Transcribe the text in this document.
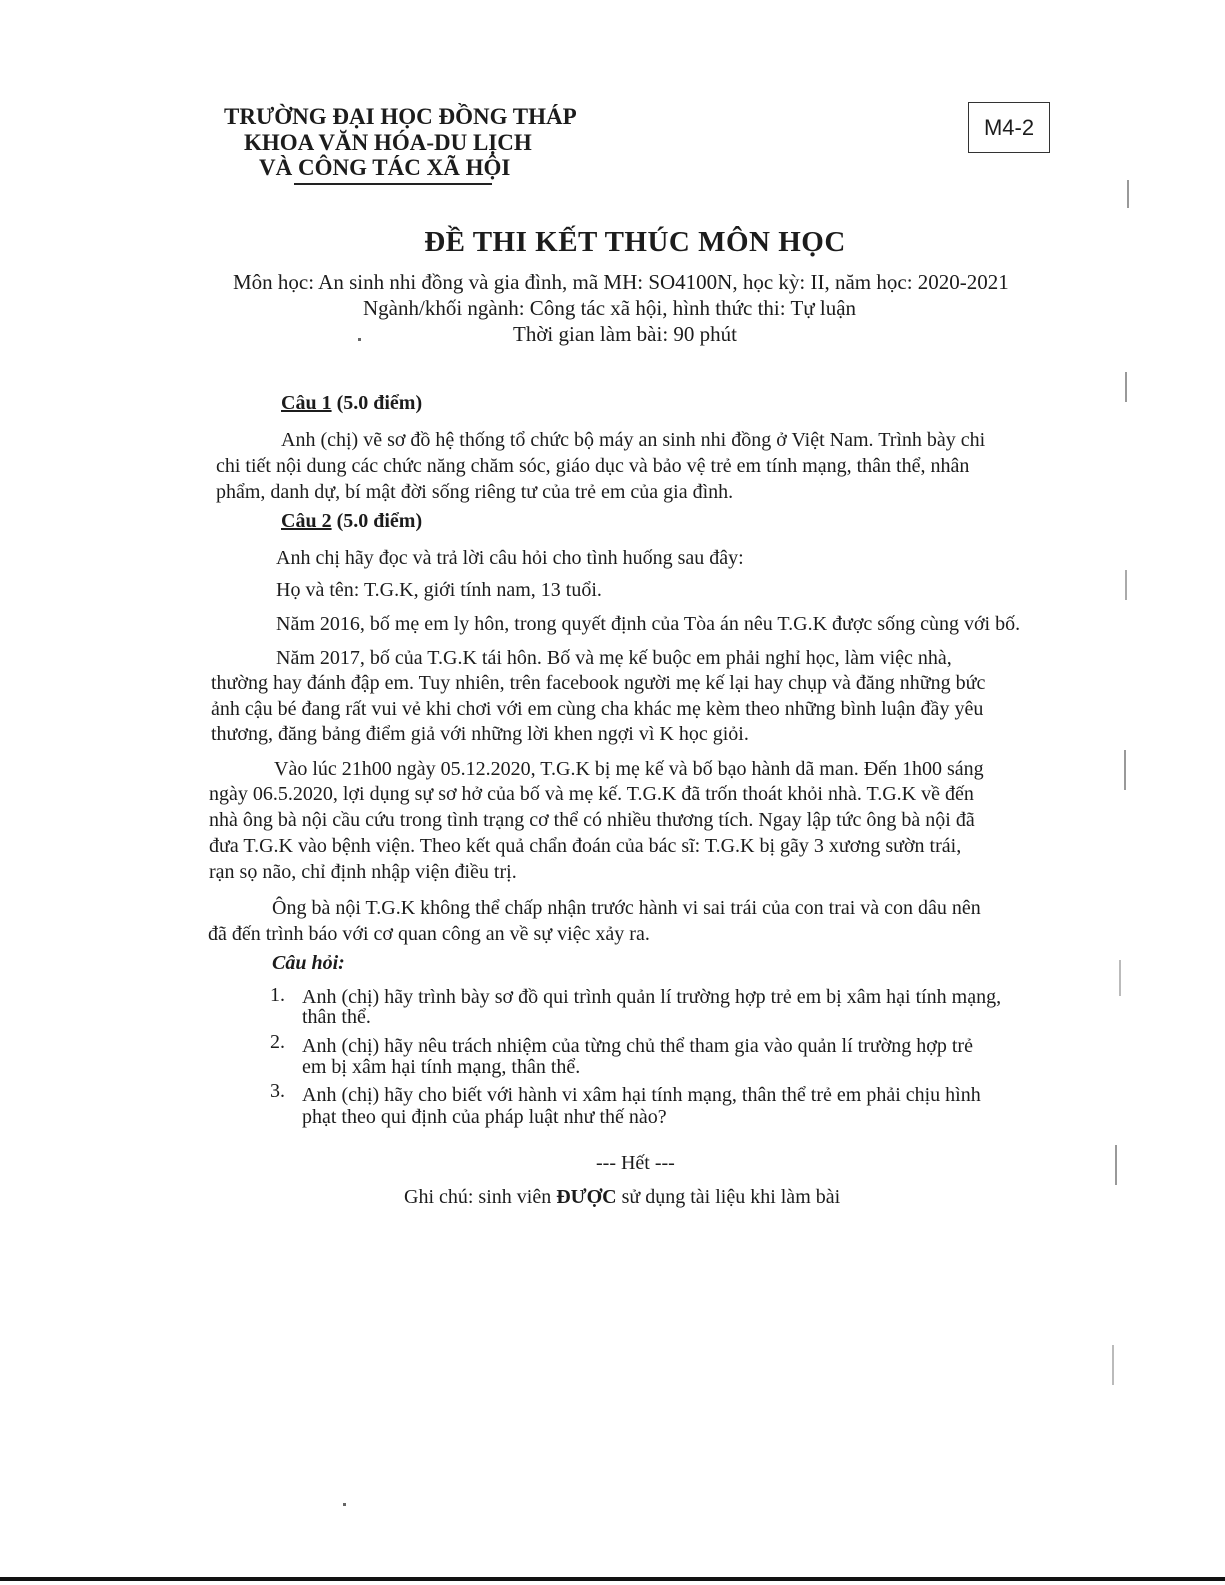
TRƯỜNG ĐẠI HỌC ĐỒNG THÁP
KHOA VĂN HÓA-DU LỊCH
VÀ CÔNG TÁC XÃ HỘI
M4-2
ĐỀ THI KẾT THÚC MÔN HỌC
Môn học: An sinh nhi đồng và gia đình, mã MH: SO4100N, học kỳ: II, năm học: 2020-2021
Ngành/khối ngành: Công tác xã hội, hình thức thi: Tự luận
Thời gian làm bài: 90 phút
Câu 1 (5.0 điểm)
Anh (chị) vẽ sơ đồ hệ thống tổ chức bộ máy an sinh nhi đồng ở Việt Nam. Trình bày chi
chi tiết nội dung các chức năng chăm sóc, giáo dục và bảo vệ trẻ em tính mạng, thân thể, nhân
phẩm, danh dự, bí mật đời sống riêng tư của trẻ em của gia đình.
Câu 2 (5.0 điểm)
Anh chị hãy đọc và trả lời câu hỏi cho tình huống sau đây:
Họ và tên: T.G.K, giới tính nam, 13 tuổi.
Năm 2016, bố mẹ em ly hôn, trong quyết định của Tòa án nêu T.G.K được sống cùng với bố.
Năm 2017, bố của T.G.K tái hôn. Bố và mẹ kế buộc em phải nghỉ học, làm việc nhà,
thường hay đánh đập em. Tuy nhiên, trên facebook người mẹ kế lại hay chụp và đăng những bức
ảnh cậu bé đang rất vui vẻ khi chơi với em cùng cha khác mẹ kèm theo những bình luận đầy yêu
thương, đăng bảng điểm giả với những lời khen ngợi vì K học giỏi.
Vào lúc 21h00 ngày 05.12.2020, T.G.K bị mẹ kế và bố bạo hành dã man. Đến 1h00 sáng
ngày 06.5.2020, lợi dụng sự sơ hở của bố và mẹ kế. T.G.K đã trốn thoát khỏi nhà. T.G.K về đến
nhà ông bà nội cầu cứu trong tình trạng cơ thể có nhiều thương tích. Ngay lập tức ông bà nội đã
đưa T.G.K vào bệnh viện. Theo kết quả chẩn đoán của bác sĩ: T.G.K bị gãy 3 xương sườn trái,
rạn sọ não, chỉ định nhập viện điều trị.
Ông bà nội T.G.K không thể chấp nhận trước hành vi sai trái của con trai và con dâu nên
đã đến trình báo với cơ quan công an về sự việc xảy ra.
Câu hỏi:
1. Anh (chị) hãy trình bày sơ đồ qui trình quản lí trường hợp trẻ em bị xâm hại tính mạng,
thân thể.
2. Anh (chị) hãy nêu trách nhiệm của từng chủ thể tham gia vào quản lí trường hợp trẻ
em bị xâm hại tính mạng, thân thể.
3. Anh (chị) hãy cho biết với hành vi xâm hại tính mạng, thân thể trẻ em phải chịu hình
phạt theo qui định của pháp luật như thế nào?
--- Hết ---
Ghi chú: sinh viên ĐƯỢC sử dụng tài liệu khi làm bài
